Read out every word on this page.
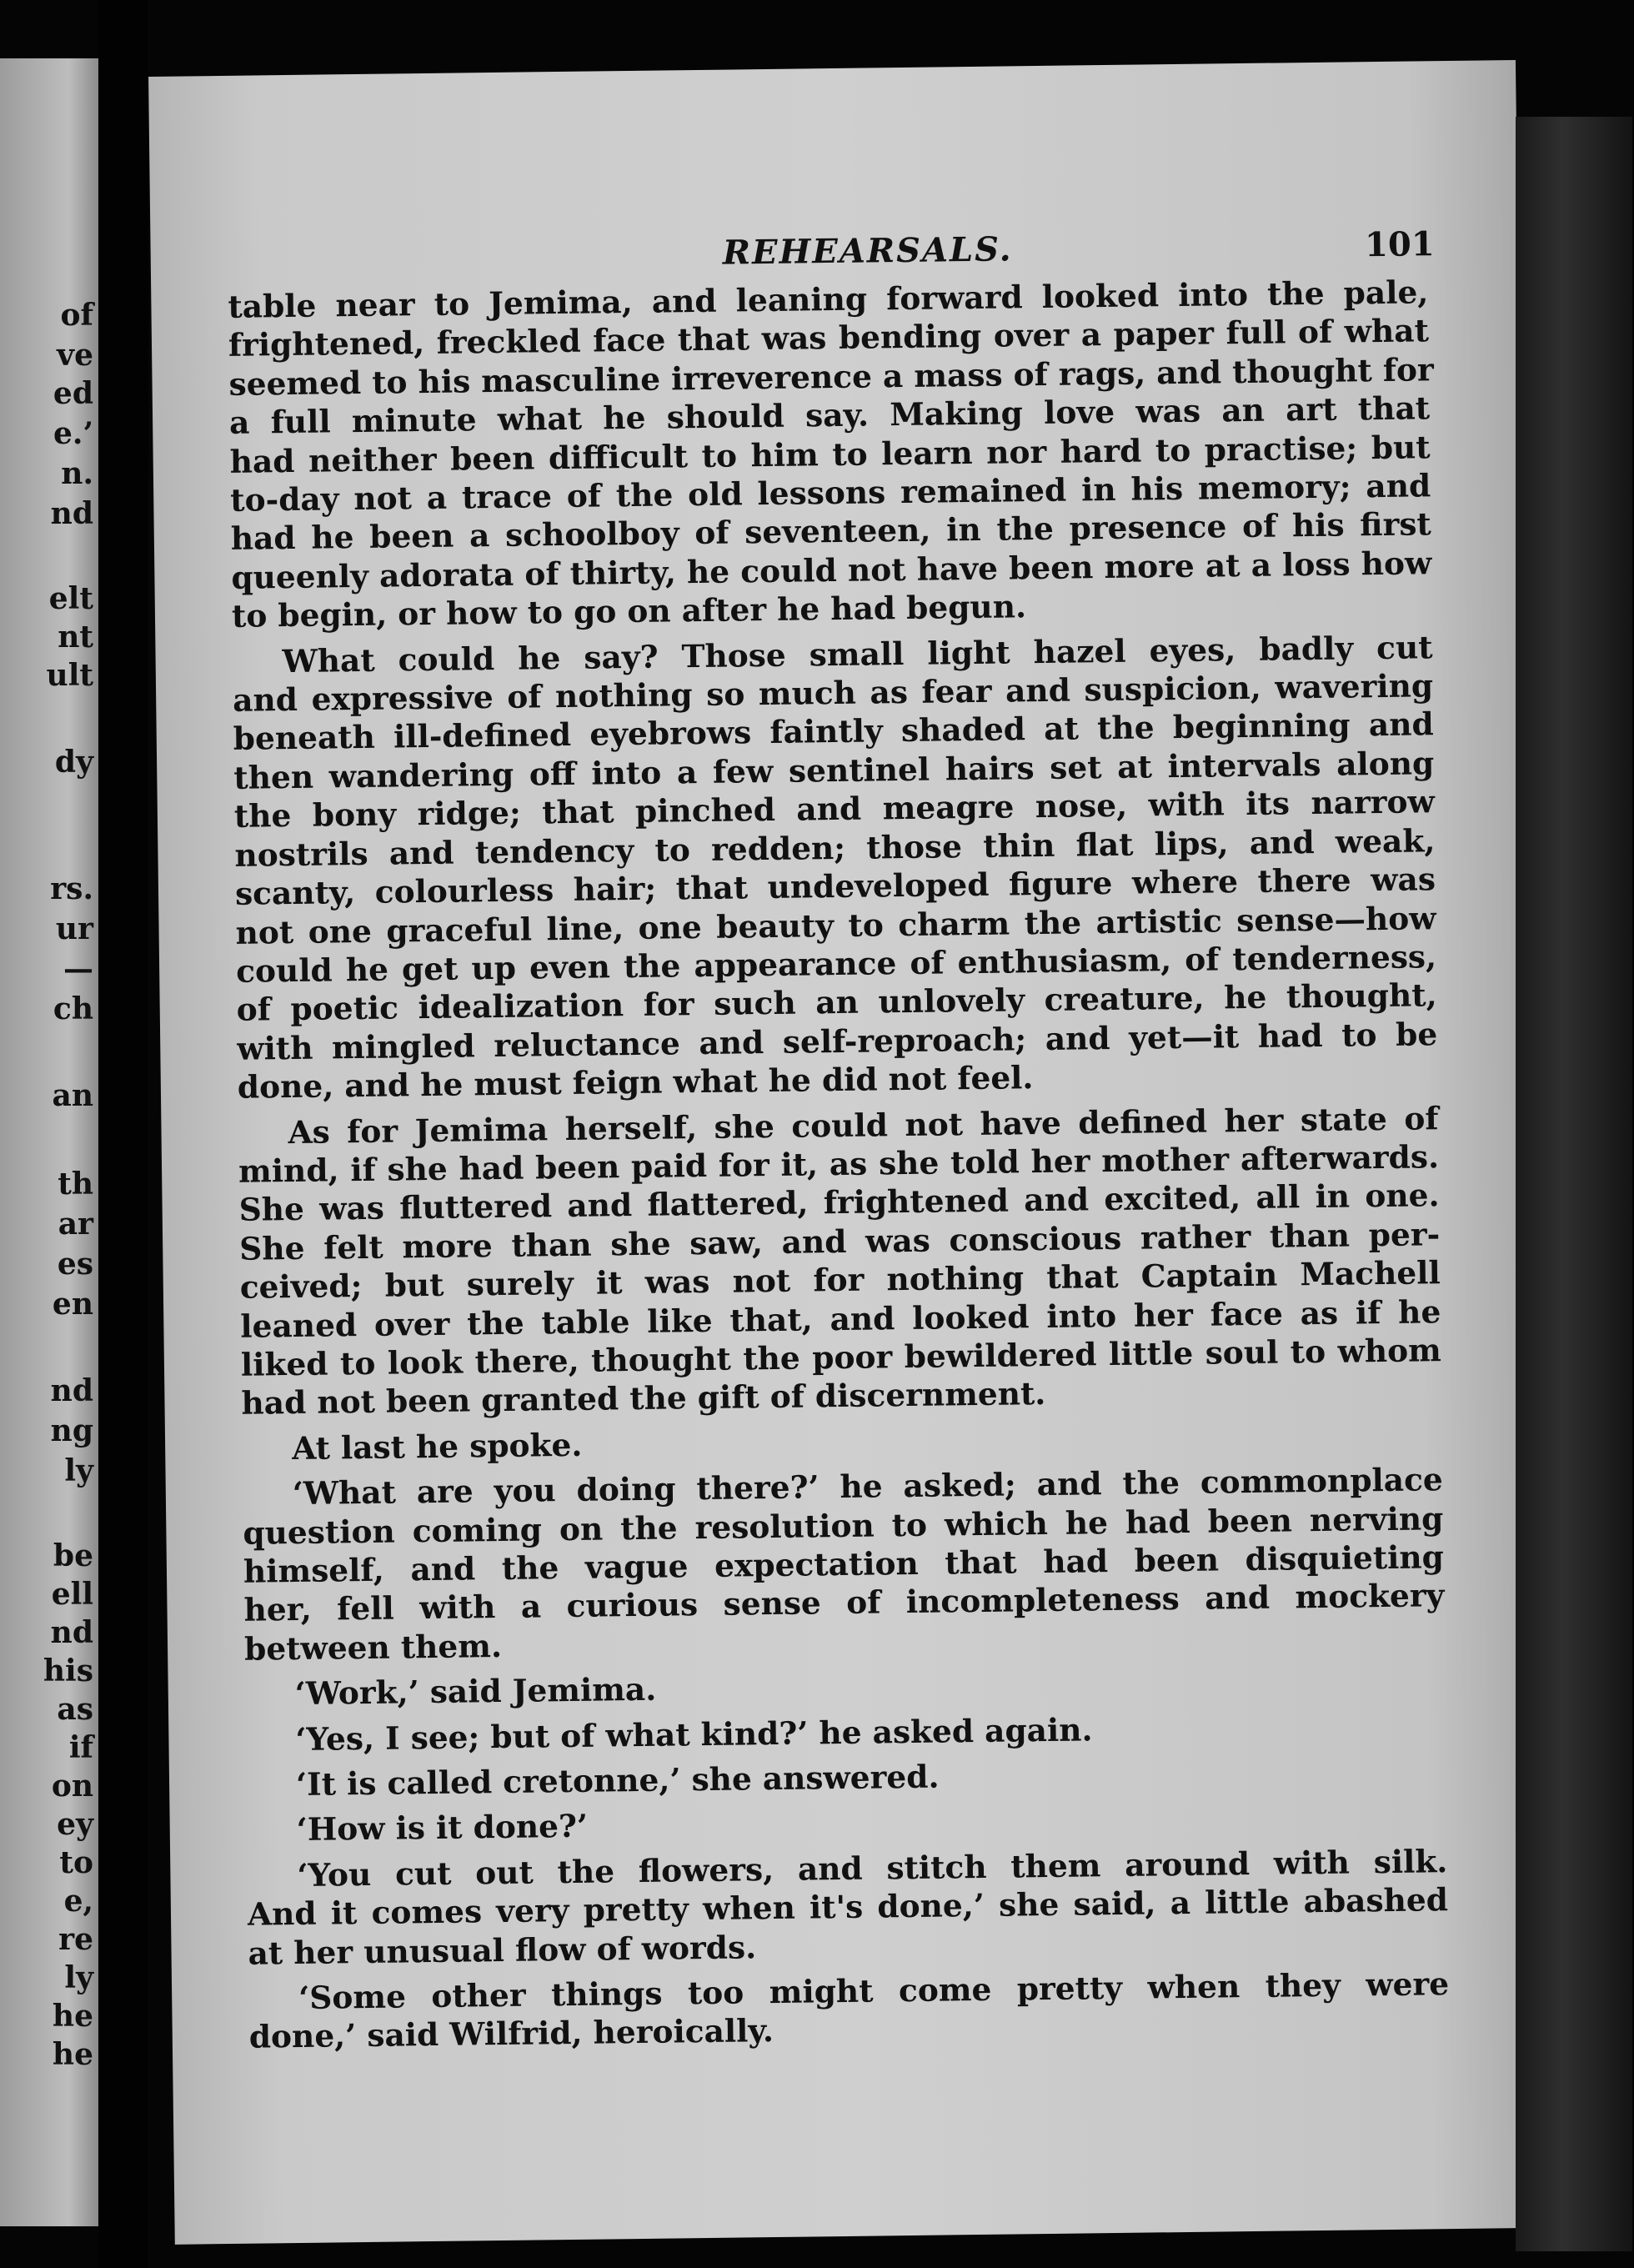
of
ve
ed
e.’
n.
nd
elt
nt
ult
dy
rs.
ur
—
ch
an
th
ar
es
en
nd
ng
ly
be
ell
nd
his
as
if
on
ey
to
e,
re
ly
he
he
REHEARSALS.	101
table near to Jemima, and leaning forward looked into the pale,
frightened, freckled face that was bending over a paper full of what
seemed to his masculine irreverence a mass of rags, and thought for
a full minute what he should say. Making love was an art that
had neither been difficult to him to learn nor hard to practise; but
to-day not a trace of the old lessons remained in his memory; and
had he been a schoolboy of seventeen, in the presence of his first
queenly adorata of thirty, he could not have been more at a loss how
to begin, or how to go on after he had begun.
What could he say? Those small light hazel eyes, badly cut
and expressive of nothing so much as fear and suspicion, wavering
beneath ill-defined eyebrows faintly shaded at the beginning and
then wandering off into a few sentinel hairs set at intervals along
the bony ridge; that pinched and meagre nose, with its narrow
nostrils and tendency to redden; those thin flat lips, and weak,
scanty, colourless hair; that undeveloped figure where there was
not one graceful line, one beauty to charm the artistic sense—how
could he get up even the appearance of enthusiasm, of tenderness,
of poetic idealization for such an unlovely creature, he thought,
with mingled reluctance and self-reproach; and yet—it had to be
done, and he must feign what he did not feel.
As for Jemima herself, she could not have defined her state of
mind, if she had been paid for it, as she told her mother afterwards.
She was fluttered and flattered, frightened and excited, all in one.
She felt more than she saw, and was conscious rather than per-
ceived; but surely it was not for nothing that Captain Machell
leaned over the table like that, and looked into her face as if he
liked to look there, thought the poor bewildered little soul to whom
had not been granted the gift of discernment.
At last he spoke.
‘What are you doing there?’ he asked; and the commonplace
question coming on the resolution to which he had been nerving
himself, and the vague expectation that had been disquieting
her, fell with a curious sense of incompleteness and mockery
between them.
‘Work,’ said Jemima.
‘Yes, I see; but of what kind?’ he asked again.
‘It is called cretonne,’ she answered.
‘How is it done?’
‘You cut out the flowers, and stitch them around with silk.
And it comes very pretty when it's done,’ she said, a little abashed
at her unusual flow of words.
‘Some other things too might come pretty when they were
done,’ said Wilfrid, heroically.
